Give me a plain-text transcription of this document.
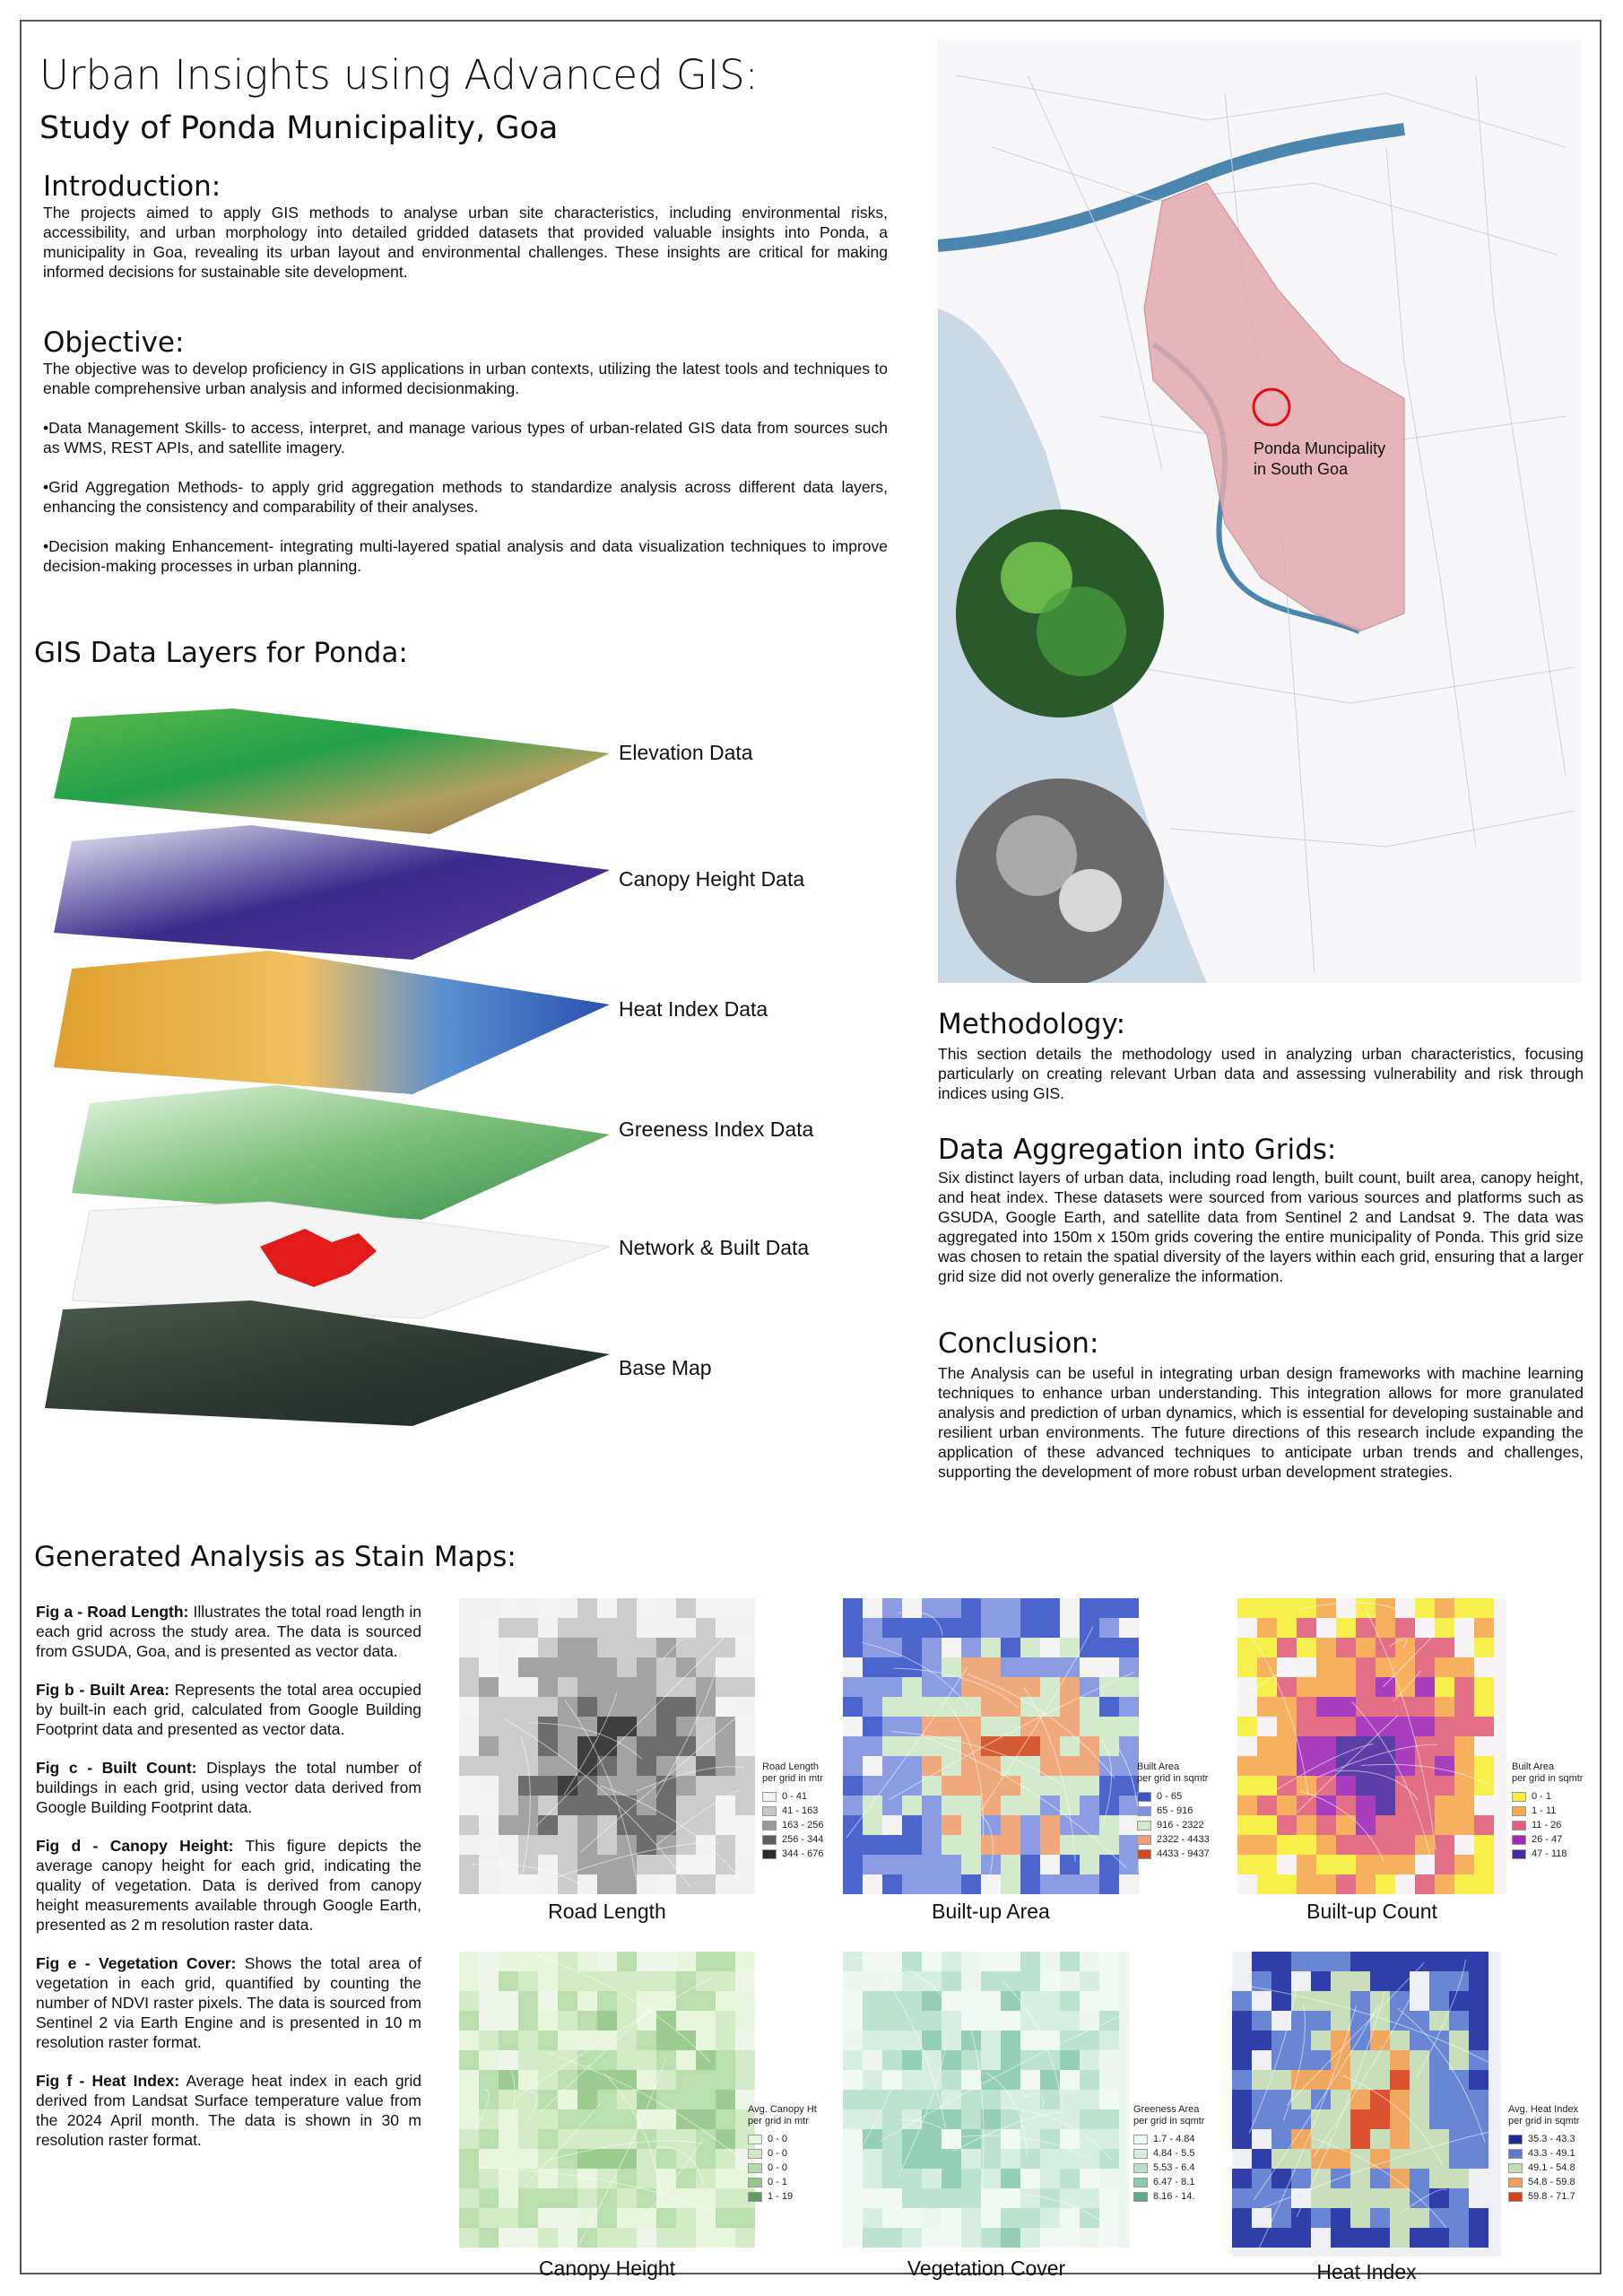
Urban Insights using Advanced GIS:
Study of Ponda Municipality, Goa
Introduction:
The projects aimed to apply GIS methods to analyse urban site characteristics, including environmental risks, accessibility, and urban morphology into detailed gridded datasets that provided valuable insights into Ponda, a municipality in Goa, revealing its urban layout and environmental challenges. These insights are critical for making informed decisions for sustainable site development.
Objective:

The objective was to develop proficiency in GIS applications in urban contexts, utilizing the latest tools and techniques to enable comprehensive urban analysis and informed decisionmaking.

•Data Management Skills- to access, interpret, and manage various types of urban-related GIS data from sources such as WMS, REST APIs, and satellite imagery.

•Grid Aggregation Methods- to apply grid aggregation methods to standardize analysis across different data layers, enhancing the consistency and comparability of their analyses.

•Decision making Enhancement- integrating multi-layered spatial analysis and data visualization techniques to improve decision-making processes in urban planning.

GIS Data Layers for Ponda:
Elevation Data
Canopy Height Data
Heat Index Data
Greeness Index Data
Network & Built Data
Base Map
Ponda Muncipality
in South Goa
Methodology:
This section details the methodology used in analyzing urban characteristics, focusing particularly on creating relevant Urban data and assessing vulnerability and risk through indices using GIS.
Data Aggregation into Grids:
Six distinct layers of urban data, including road length, built count, built area, canopy height, and heat index. These datasets were sourced from various sources and platforms such as GSUDA, Google Earth, and satellite data from Sentinel 2 and Landsat 9. The data was aggregated into 150m x 150m grids covering the entire municipality of Ponda. This grid size was chosen to retain the spatial diversity of the layers within each grid, ensuring that a larger grid size did not overly generalize the information.
Conclusion:
The Analysis can be useful in integrating urban design frameworks with machine learning techniques to enhance urban understanding. This integration allows for more granulated analysis and prediction of urban dynamics, which is essential for developing sustainable and resilient urban environments. The future directions of this research include expanding the application of these advanced techniques to anticipate urban trends and challenges, supporting the development of more robust urban development strategies.
Generated Analysis as Stain Maps:

Fig a - Road Length: Illustrates the total road length in each grid across the study area. The data is sourced from GSUDA, Goa, and is presented as vector data.

Fig b - Built Area: Represents the total area occupied by built-in each grid, calculated from Google Building Footprint data and presented as vector data.

Fig c - Built Count: Displays the total number of buildings in each grid, using vector data derived from Google Building Footprint data.

Fig d - Canopy Height: This figure depicts the average canopy height for each grid, indicating the quality of vegetation. Data is derived from canopy height measurements available through Google Earth, presented as 2 m resolution raster data.

Fig e - Vegetation Cover: Shows the total area of vegetation in each grid, quantified by counting the number of NDVI raster pixels. The data is sourced from Sentinel 2 via Earth Engine and is presented in 10 m resolution raster format.

Fig f - Heat Index: Average heat index in each grid derived from Landsat Surface temperature value from the 2024 April month. The data is shown in 30 m resolution raster format.

Road Length
per grid in mtr
0 - 41
41 - 163
163 - 256
256 - 344
344 - 676
Road Length
Built Area
per grid in sqmtr
0 - 65
65 - 916
916 - 2322
2322 - 4433
4433 - 9437
Built-up Area
Built Area
per grid in sqmtr
0 - 1
1 - 11
11 - 26
26 - 47
47 - 118
Built-up Count
Avg. Canopy Ht
per grid in mtr
0 - 0
0 - 0
0 - 0
0 - 1
1 - 19
Canopy Height
Greeness Area
per grid in sqmtr
1.7 - 4.84
4.84 - 5.5
5.53 - 6.4
6.47 - 8.1
8.16 - 14.
Vegetation Cover
Avg. Heat Index
per grid in sqmtr
35.3 - 43.3
43.3 - 49.1
49.1 - 54.8
54.8 - 59.8
59.8 - 71.7
Heat Index
